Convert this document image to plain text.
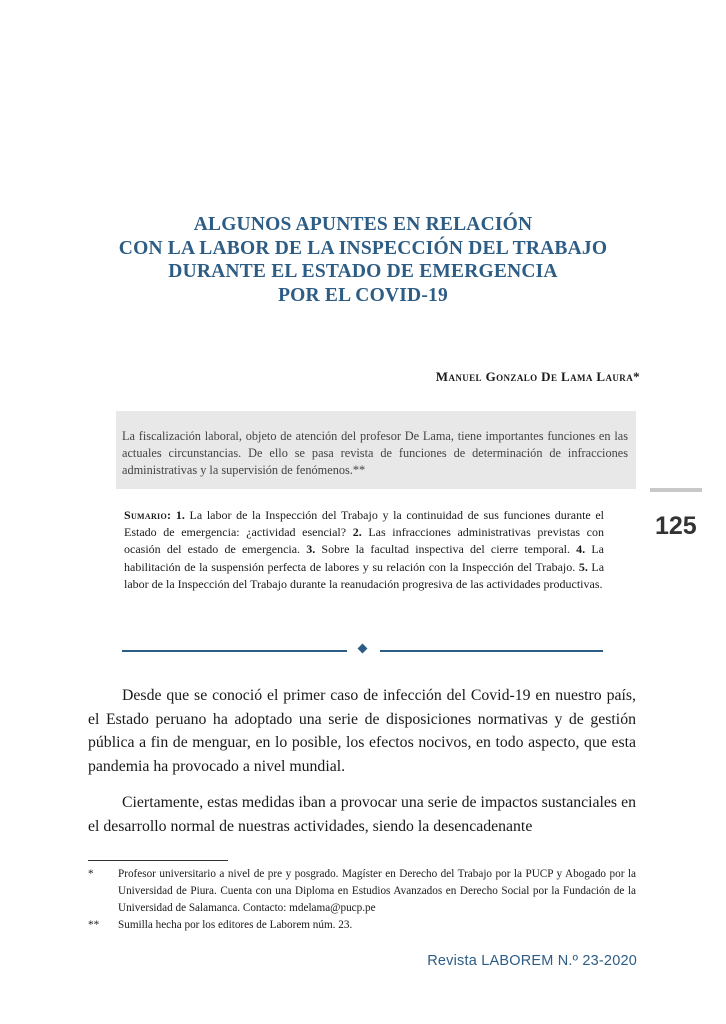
ALGUNOS APUNTES EN RELACIÓN
CON LA LABOR DE LA INSPECCIÓN DEL TRABAJO
DURANTE EL ESTADO DE EMERGENCIA
POR EL COVID-19
Manuel Gonzalo De Lama Laura*
La fiscalización laboral, objeto de atención del profesor De Lama, tiene importantes funciones en las actuales circunstancias. De ello se pasa revista de funciones de determinación de infracciones administrativas y la supervisión de fenómenos.**
125
Sumario: 1. La labor de la Inspección del Trabajo y la continuidad de sus funciones durante el Estado de emergencia: ¿actividad esencial? 2. Las infracciones administrativas previstas con ocasión del estado de emergencia. 3. Sobre la facultad inspectiva del cierre temporal. 4. La habilitación de la suspensión perfecta de labores y su relación con la Inspección del Trabajo. 5. La labor de la Inspección del Trabajo durante la reanudación progresiva de las actividades productivas.

Desde que se conoció el primer caso de infección del Covid-19 en nuestro país, el Estado peruano ha adoptado una serie de disposiciones normativas y de gestión pública a fin de menguar, en lo posible, los efectos nocivos, en todo aspecto, que esta pandemia ha provocado a nivel mundial.

Ciertamente, estas medidas iban a provocar una serie de impactos sustanciales en el desarrollo normal de nuestras actividades, siendo la desencadenante

* Profesor universitario a nivel de pre y posgrado. Magíster en Derecho del Trabajo por la PUCP y Abogado por la Universidad de Piura. Cuenta con una Diploma en Estudios Avanzados en Derecho Social por la Fundación de la Universidad de Salamanca. Contacto: mdelama@pucp.pe
** Sumilla hecha por los editores de Laborem núm. 23.
Revista LABOREM N.º 23-2020
